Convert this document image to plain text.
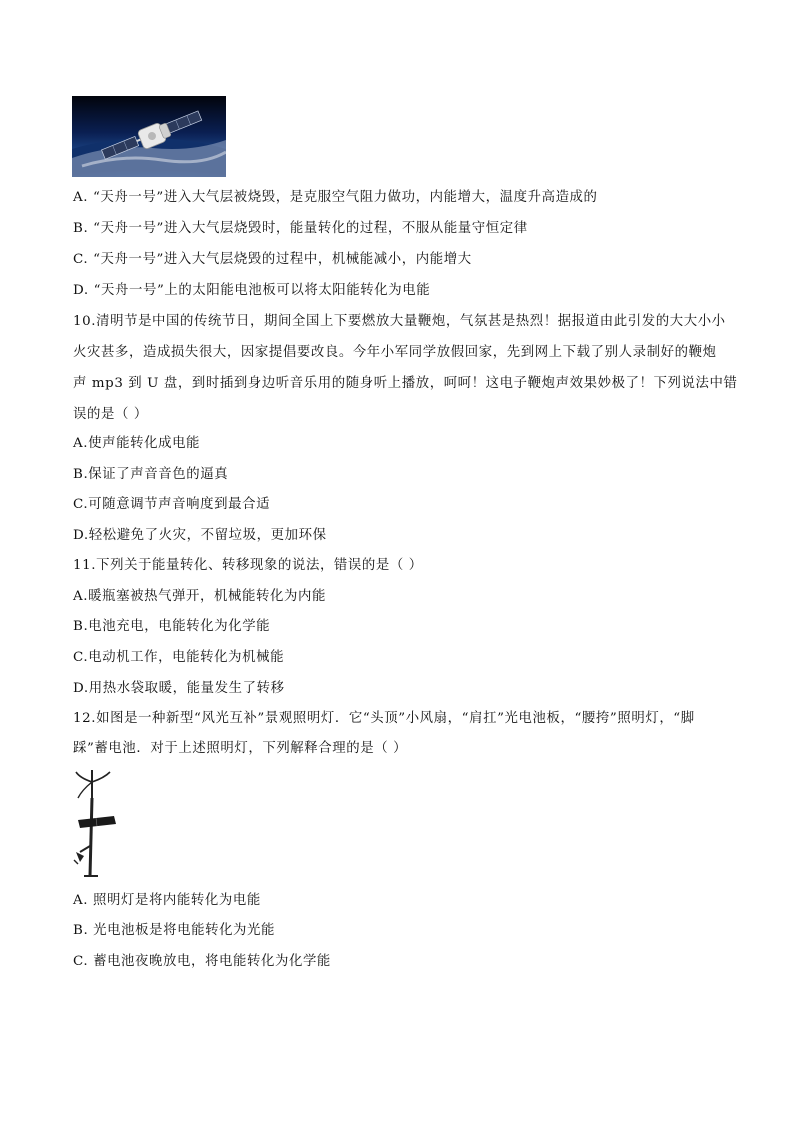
A. “天舟一号”进入大气层被烧毁，是克服空气阻力做功，内能增大，温度升高造成的
B. “天舟一号”进入大气层烧毁时，能量转化的过程，不服从能量守恒定律
C. “天舟一号”进入大气层烧毁的过程中，机械能减小，内能增大
D. “天舟一号”上的太阳能电池板可以将太阳能转化为电能
10.清明节是中国的传统节日，期间全国上下要燃放大量鞭炮，气氛甚是热烈！据报道由此引发的大大小小
火灾甚多，造成损失很大，因家提倡要改良。今年小军同学放假回家，先到网上下载了别人录制好的鞭炮
声 mp3 到 U 盘，到时插到身边听音乐用的随身听上播放，呵呵！这电子鞭炮声效果妙极了！下列说法中错
误的是（ ）
A.使声能转化成电能
B.保证了声音音色的逼真
C.可随意调节声音响度到最合适
D.轻松避免了火灾，不留垃圾，更加环保
11.下列关于能量转化、转移现象的说法，错误的是（ ）
A.暖瓶塞被热气弹开，机械能转化为内能
B.电池充电，电能转化为化学能
C.电动机工作，电能转化为机械能
D.用热水袋取暖，能量发生了转移
12.如图是一种新型“风光互补”景观照明灯．它“头顶”小风扇，“肩扛”光电池板，“腰挎”照明灯，“脚
踩”蓄电池．对于上述照明灯，下列解释合理的是（ ）
A. 照明灯是将内能转化为电能
B. 光电池板是将电能转化为光能
C. 蓄电池夜晚放电，将电能转化为化学能
